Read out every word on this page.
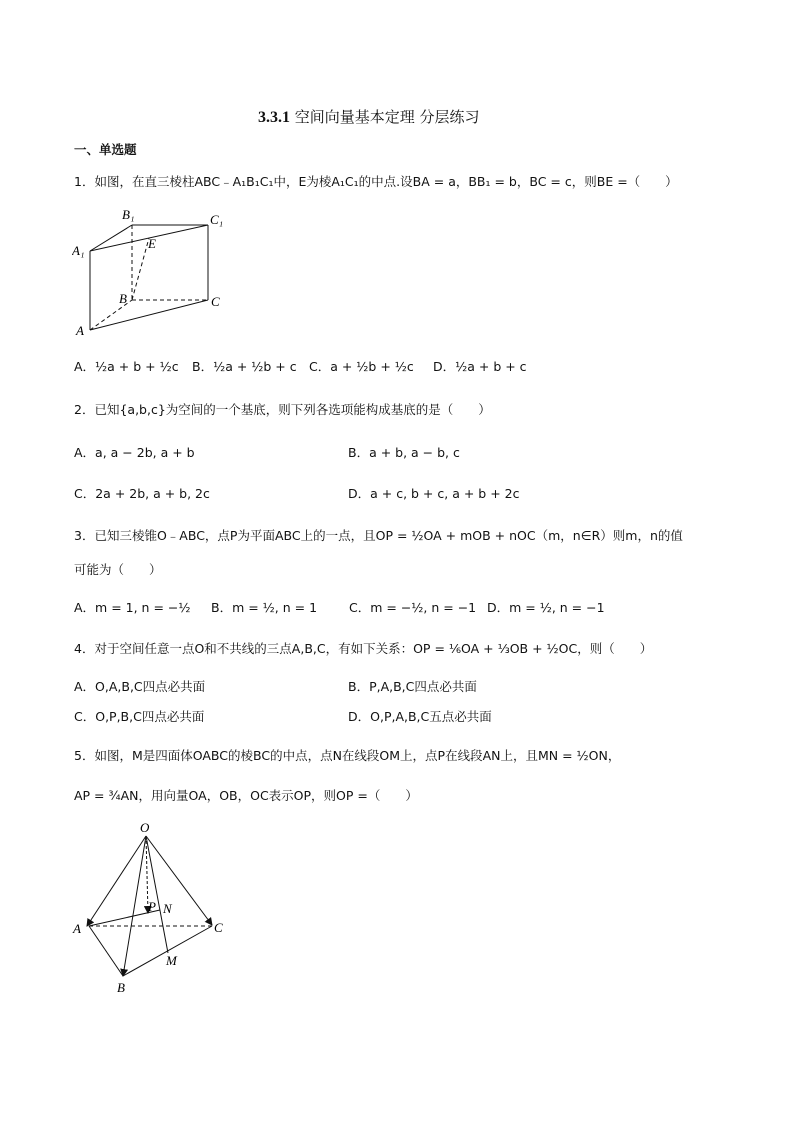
3.3.1 空间向量基本定理 分层练习
一、单选题
1．如图，在直三棱柱ABC﹣A₁B₁C₁中，E为棱A₁C₁的中点.设BA = a，BB₁ = b，BC = c，则BE =（　　）
B₁	C₁
A₁	E
B	C
A
A．½a + b + ½c B．½a + ½b + c C．a + ½b + ½c D．½a + b + c
2．已知{a,b,c}为空间的一个基底，则下列各选项能构成基底的是（　　）
A．a, a − 2b, a + b	B．a + b, a − b, c
C．2a + 2b, a + b, 2c	D．a + c, b + c, a + b + 2c
3．已知三棱锥O﹣ABC，点P为平面ABC上的一点，且OP = ½OA + mOB + nOC（m，n∈R）则m，n的值
可能为（　　）
A．m = 1, n = −½ B．m = ½, n = 1	C．m = −½, n = −1 D．m = ½, n = −1
4．对于空间任意一点O和不共线的三点A,B,C，有如下关系：OP = ⅙OA + ⅓OB + ½OC，则（　　）
A．O,A,B,C四点必共面	B．P,A,B,C四点必共面
C．O,P,B,C四点必共面	D．O,P,A,B,C五点必共面
5．如图，M是四面体OABC的棱BC的中点，点N在线段OM上，点P在线段AN上，且MN = ½ON，
AP = ¾AN，用向量OA，OB，OC表示OP，则OP =（　　）
O
P N
A	C
M
B
